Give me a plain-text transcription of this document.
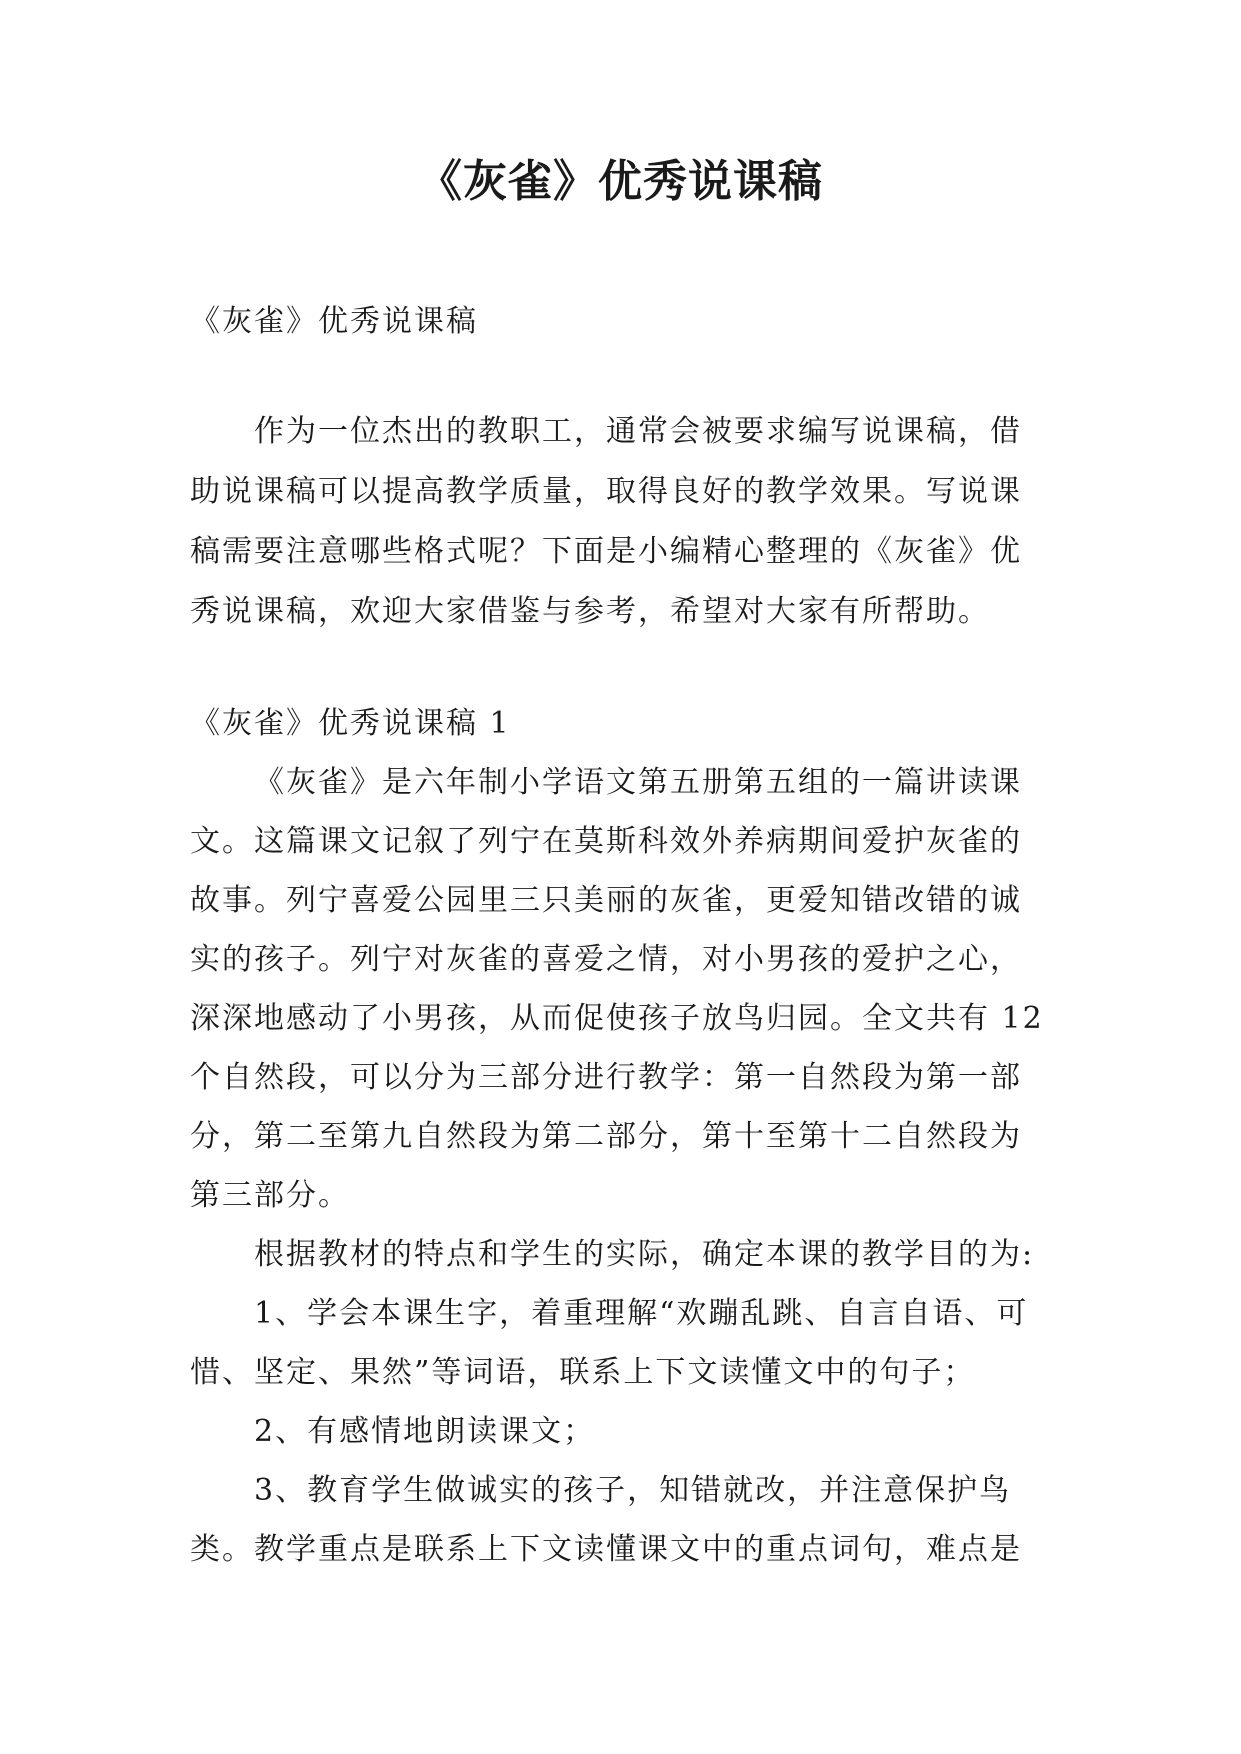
《灰雀》优秀说课稿
《灰雀》优秀说课稿
作为一位杰出的教职工，通常会被要求编写说课稿，借助说课稿可以提高教学质量，取得良好的教学效果。写说课稿需要注意哪些格式呢？下面是小编精心整理的《灰雀》优秀说课稿，欢迎大家借鉴与参考，希望对大家有所帮助。

《灰雀》优秀说课稿 1

《灰雀》是六年制小学语文第五册第五组的一篇讲读课文。这篇课文记叙了列宁在莫斯科效外养病期间爱护灰雀的故事。列宁喜爱公园里三只美丽的灰雀，更爱知错改错的诚实的孩子。列宁对灰雀的喜爱之情，对小男孩的爱护之心，深深地感动了小男孩，从而促使孩子放鸟归园。全文共有 12 个自然段，可以分为三部分进行教学：第一自然段为第一部分，第二至第九自然段为第二部分，第十至第十二自然段为第三部分。

根据教材的特点和学生的实际，确定本课的教学目的为:

1、学会本课生字，着重理解“欢蹦乱跳、自言自语、可惜、坚定、果然”等词语，联系上下文读懂文中的句子；

2、有感情地朗读课文；

3、教育学生做诚实的孩子，知错就改，并注意保护鸟类。教学重点是联系上下文读懂课文中的重点词句，难点是
